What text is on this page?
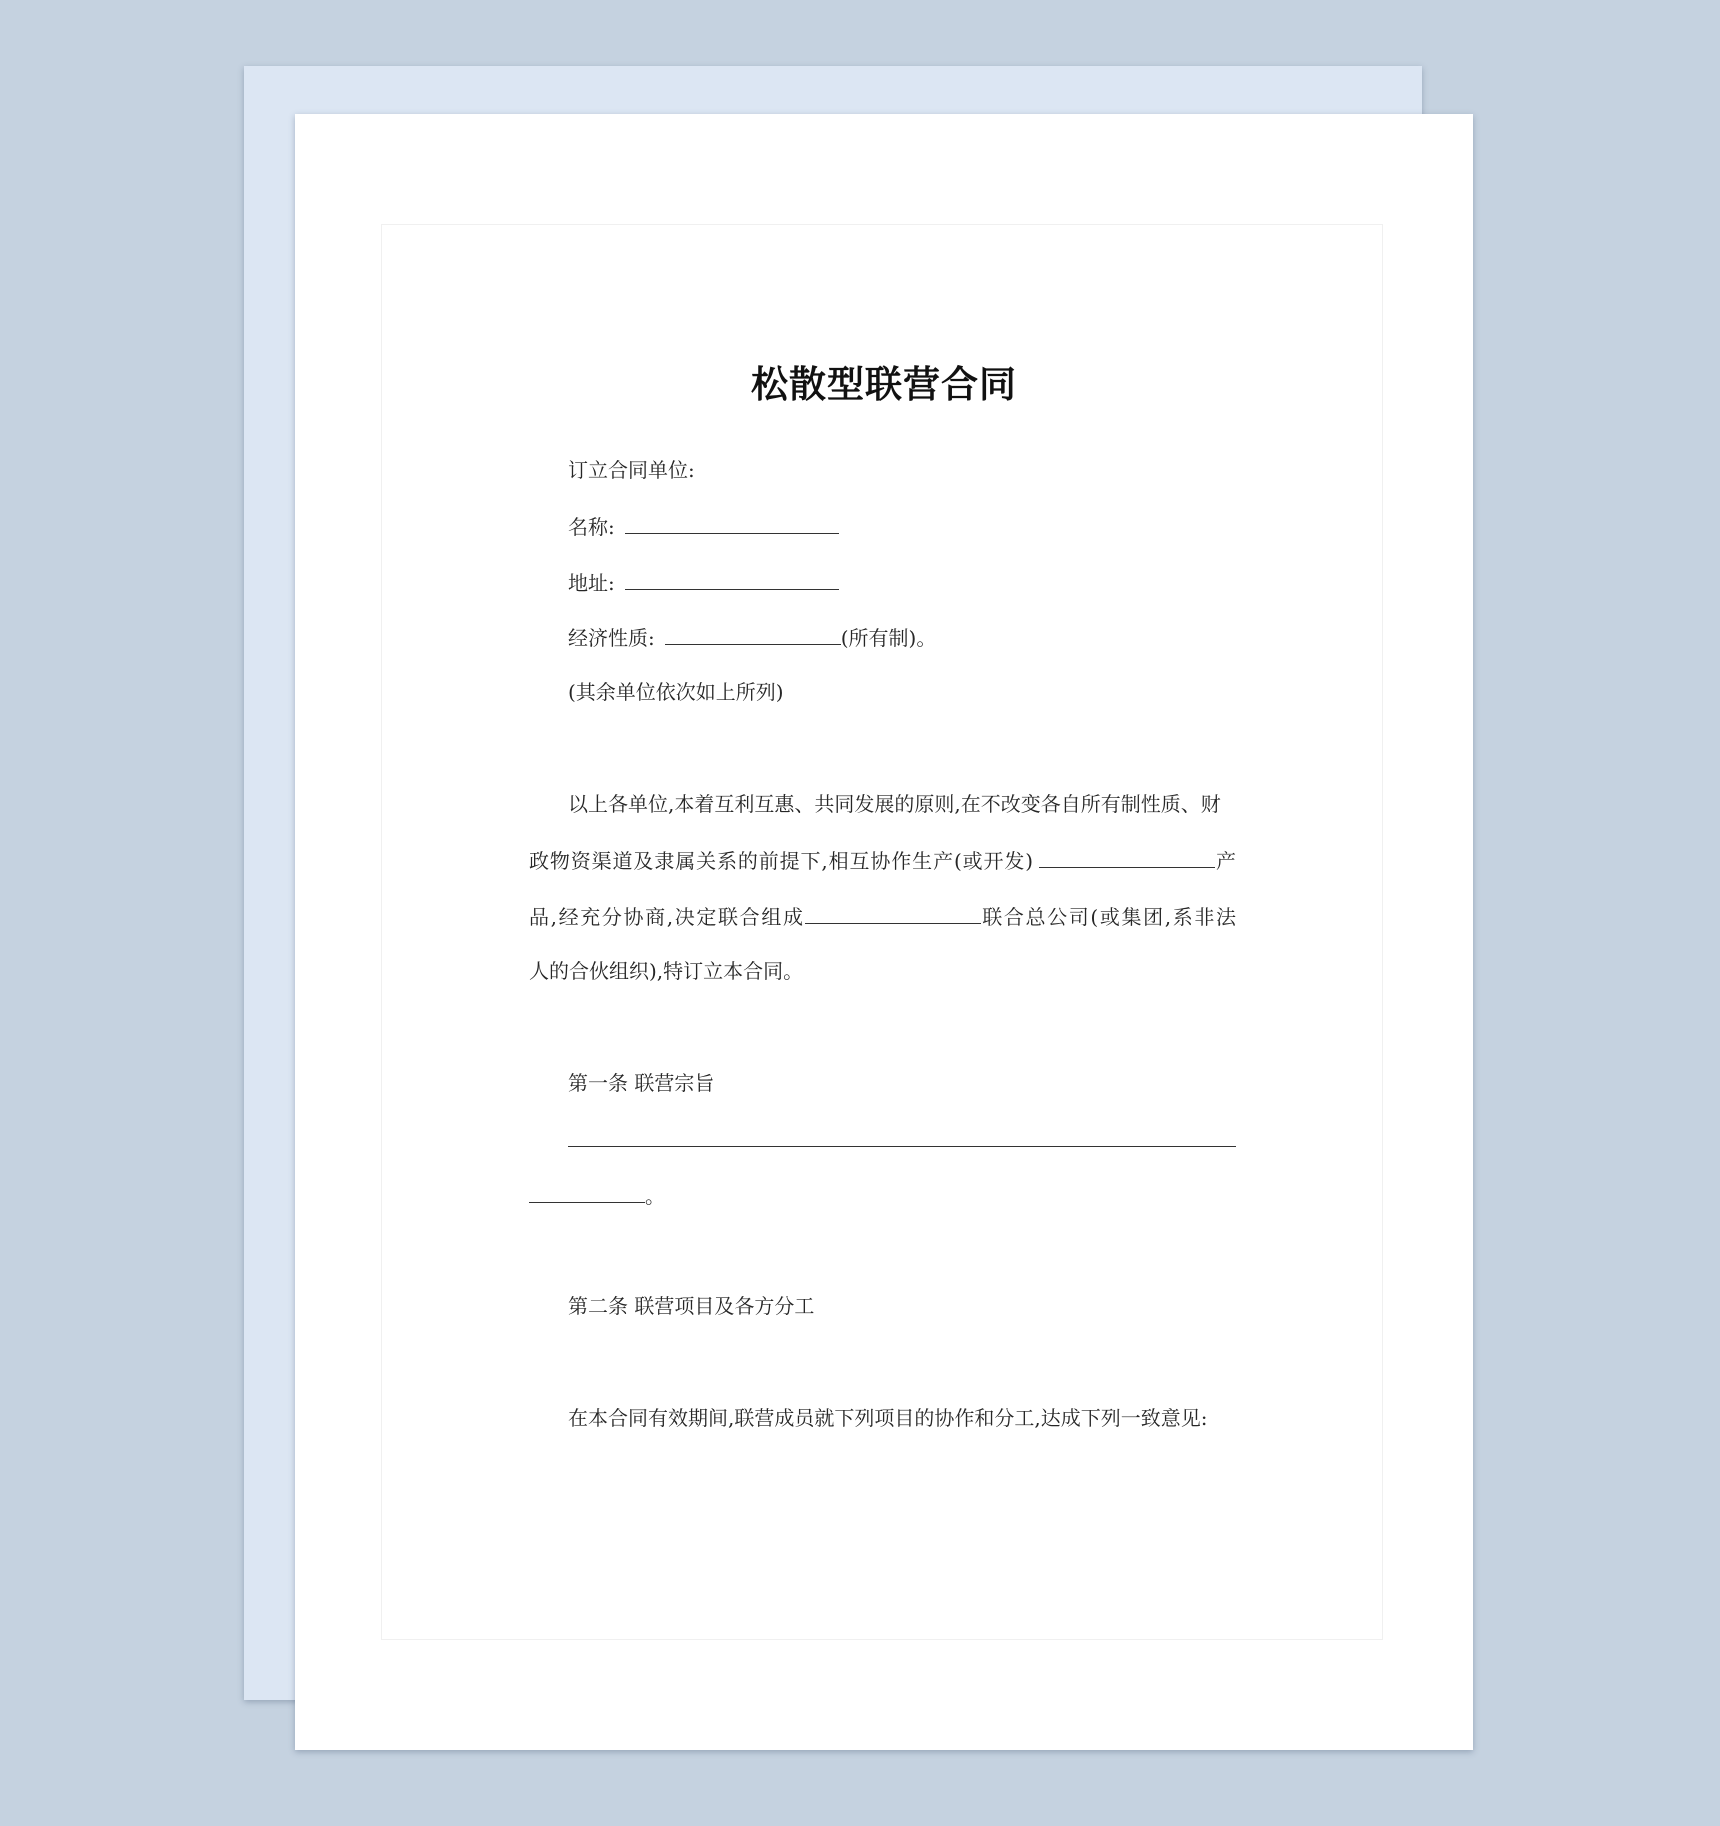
松散型联营合同
订立合同单位:
名称:
地址:
经济性质:	(所有制)。
(其余单位依次如上所列)
以上各单位,本着互利互惠、共同发展的原则,在不改变各自所有制性质、财
政物资渠道及隶属关系的前提下,相互协作生产(或开发)	产
品,经充分协商,决定联合组成	联合总公司(或集团,系非法
人的合伙组织),特订立本合同。
第一条 联营宗旨
。
第二条 联营项目及各方分工
在本合同有效期间,联营成员就下列项目的协作和分工,达成下列一致意见:
